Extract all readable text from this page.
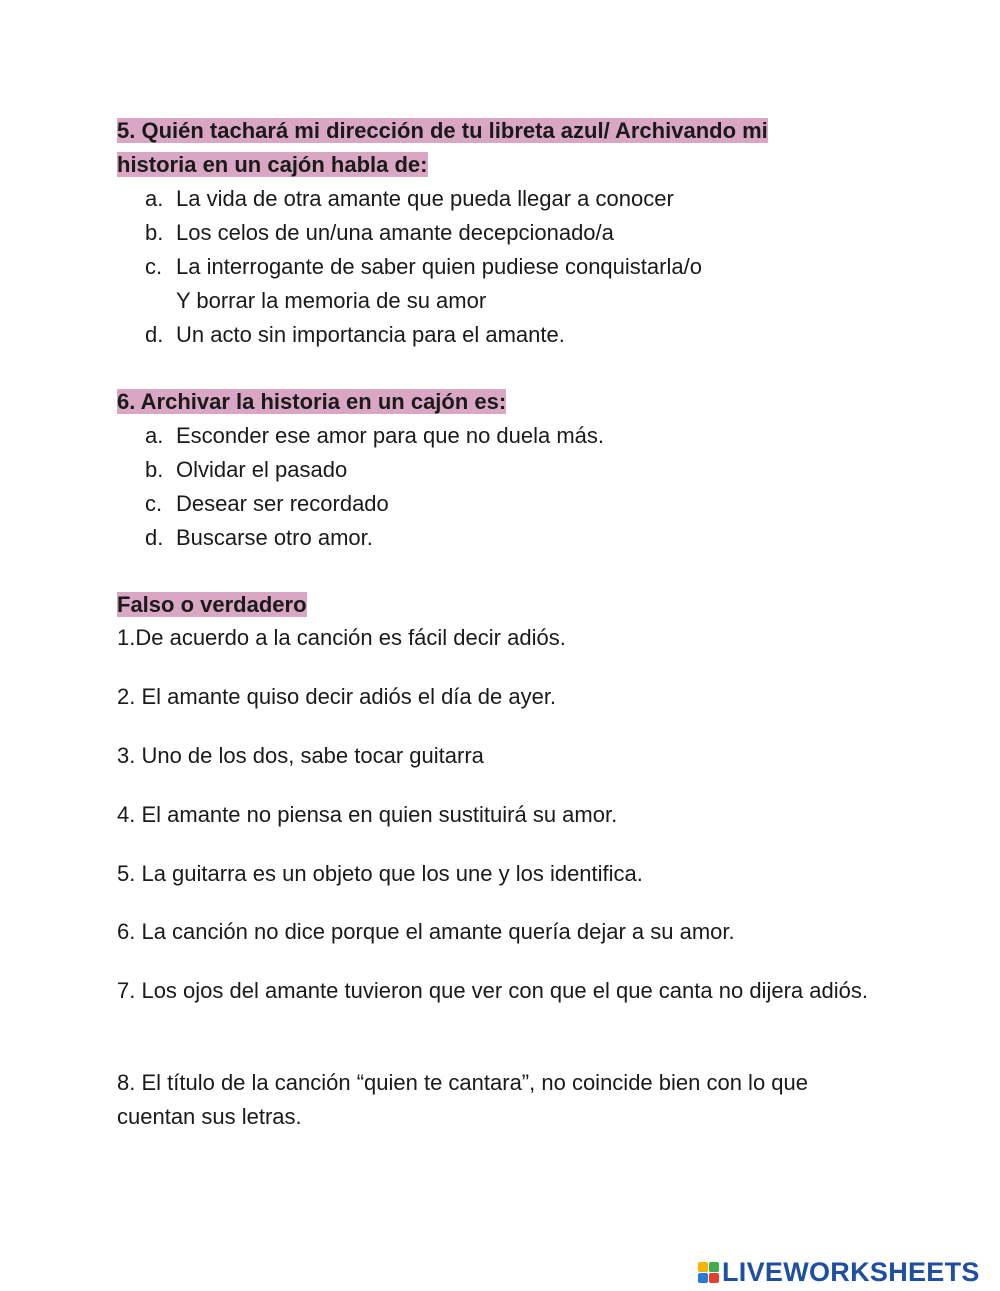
5. Quién tachará mi dirección de tu libreta azul/ Archivando mi
historia en un cajón habla de:
a. La vida de otra amante que pueda llegar a conocer
b. Los celos de un/una amante decepcionado/a
c. La interrogante de saber quien pudiese conquistarla/o
Y borrar la memoria de su amor
d. Un acto sin importancia para el amante.
6. Archivar la historia en un cajón es:
a. Esconder ese amor para que no duela más.
b. Olvidar el pasado
c. Desear ser recordado
d. Buscarse otro amor.
Falso o verdadero
1.De acuerdo a la canción es fácil decir adiós.
2. El amante quiso decir adiós el día de ayer.
3. Uno de los dos, sabe tocar guitarra
4. El amante no piensa en quien sustituirá su amor.
5. La guitarra es un objeto que los une y los identifica.
6. La canción no dice porque el amante quería dejar a su amor.
7. Los ojos del amante tuvieron que ver con que el que canta no dijera adiós.
8. El título de la canción “quien te cantara”, no coincide bien con lo que cuentan sus letras.
LIVEWORKSHEETS
